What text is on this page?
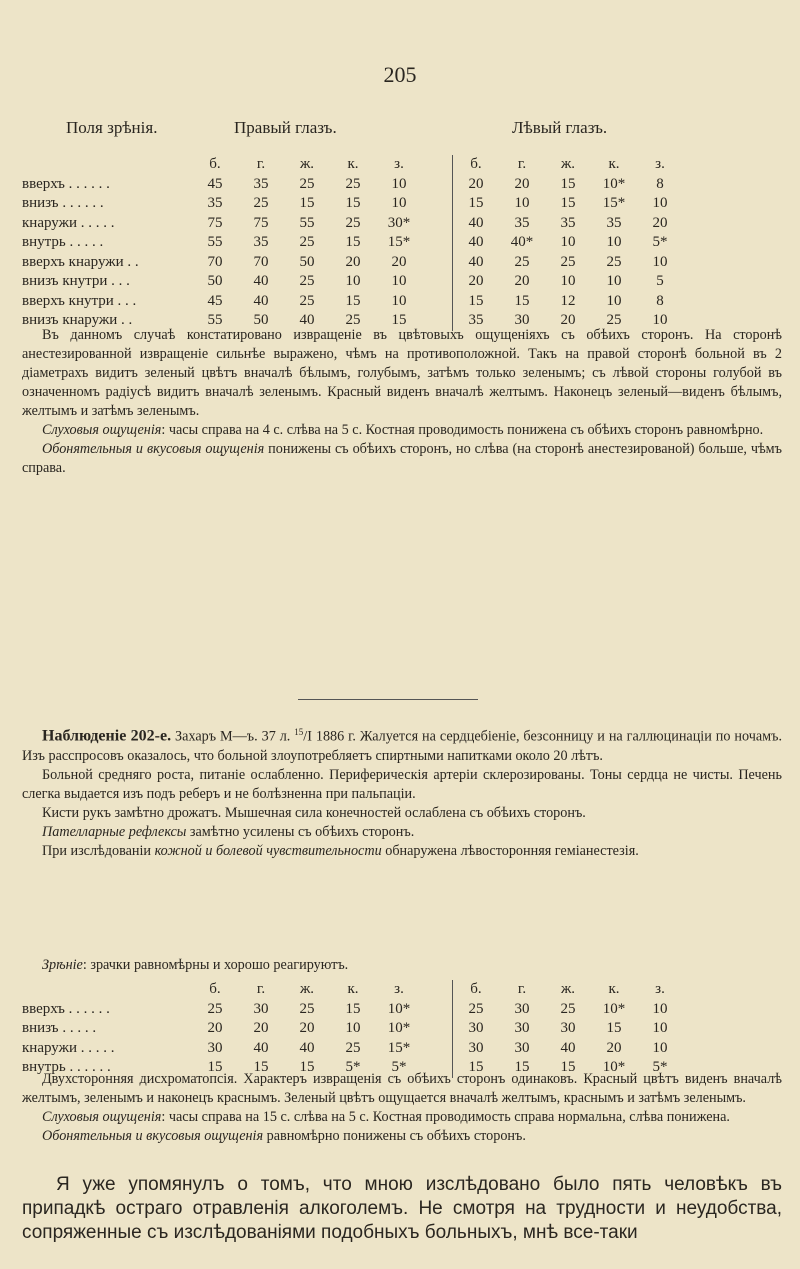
205
Поля зрѣнія.	Правый глазъ.	Лѣвый глазъ.
	б.	г.	ж.	к.	з.		б.	г.	ж.	к.	з.
вверхъ . . . . . .	45	35	25	25	10		20	20	15	10*	8
внизъ . . . . . .	35	25	15	15	10		15	10	15	15*	10
кнаружи . . . . .	75	75	55	25	30*		40	35	35	35	20
внутрь . . . . .	55	35	25	15	15*		40	40*	10	10	5*
вверхъ кнаружи . .	70	70	50	20	20		40	25	25	25	10
внизъ кнутри . . .	50	40	25	10	10		20	20	10	10	5
вверхъ кнутри . . .	45	40	25	15	10		15	15	12	10	8
внизъ кнаружи . .	55	50	40	25	15		35	30	20	25	10

Въ данномъ случаѣ констатировано извращеніе въ цвѣтовыхъ ощущеніяхъ съ обѣихъ сторонъ. На сторонѣ анестезированной извращеніе сильнѣе выражено, чѣмъ на противоположной. Такъ на правой сторонѣ больной въ 2 діаметрахъ видитъ зеленый цвѣтъ вначалѣ бѣлымъ, голубымъ, затѣмъ только зеленымъ; съ лѣвой стороны голубой въ означенномъ радіусѣ видитъ вначалѣ зеленымъ. Красный виденъ вначалѣ желтымъ. Наконецъ зеленый—виденъ бѣлымъ, желтымъ и затѣмъ зеленымъ.

Слуховыя ощущенія: часы справа на 4 с. слѣва на 5 с. Костная проводимость понижена съ обѣихъ сторонъ равномѣрно.

Обонятельныя и вкусовыя ощущенія понижены съ обѣихъ сторонъ, но слѣва (на сторонѣ анестезированой) больше, чѣмъ справа.

Наблюденіе 202-е. Захаръ М—ъ. 37 л. $^{15}$/I 1886 г. Жалуется на сердцебіеніе, безсонницу и на галлюцинаціи по ночамъ. Изъ расспросовъ оказалось, что больной злоупотребляетъ спиртными напитками около 20 лѣтъ.

Больной средняго роста, питаніе ослабленно. Периферическія артеріи склерозированы. Тоны сердца не чисты. Печень слегка выдается изъ подъ реберъ и не болѣзненна при пальпаціи.

Кисти рукъ замѣтно дрожатъ. Мышечная сила конечностей ослаблена съ обѣихъ сторонъ.

Пателларные рефлексы замѣтно усилены съ обѣихъ сторонъ.

При изслѣдованіи кожной и болевой чувствительности обнаружена лѣвосторонняя геміанестезія.

Зрѣніе: зрачки равномѣрны и хорошо реагируютъ.

	б.	г.	ж.	к.	з.		б.	г.	ж.	к.	з.
вверхъ . . . . . .	25	30	25	15	10*		25	30	25	10*	10
внизъ . . . . .	20	20	20	10	10*		30	30	30	15	10
кнаружи . . . . .	30	40	40	25	15*		30	30	40	20	10
внутрь . . . . . .	15	15	15	5*	5*		15	15	15	10*	5*

Двухсторонняя дисхроматопсія. Характеръ извращенія съ обѣихъ сторонъ одинаковъ. Красный цвѣтъ виденъ вначалѣ желтымъ, зеленымъ и наконецъ краснымъ. Зеленый цвѣтъ ощущается вначалѣ желтымъ, краснымъ и затѣмъ зеленымъ.

Слуховыя ощущенія: часы справа на 15 с. слѣва на 5 с. Костная проводимость справа нормальна, слѣва понижена.

Обонятельныя и вкусовыя ощущенія равномѣрно понижены съ обѣихъ сторонъ.

Я уже упомянулъ о томъ, что мною изслѣдовано было пять человѣкъ въ припадкѣ остраго отравленія алкоголемъ. Не смотря на трудности и неудобства, сопряженные съ изслѣдованіями подобныхъ больныхъ, мнѣ все-таки
